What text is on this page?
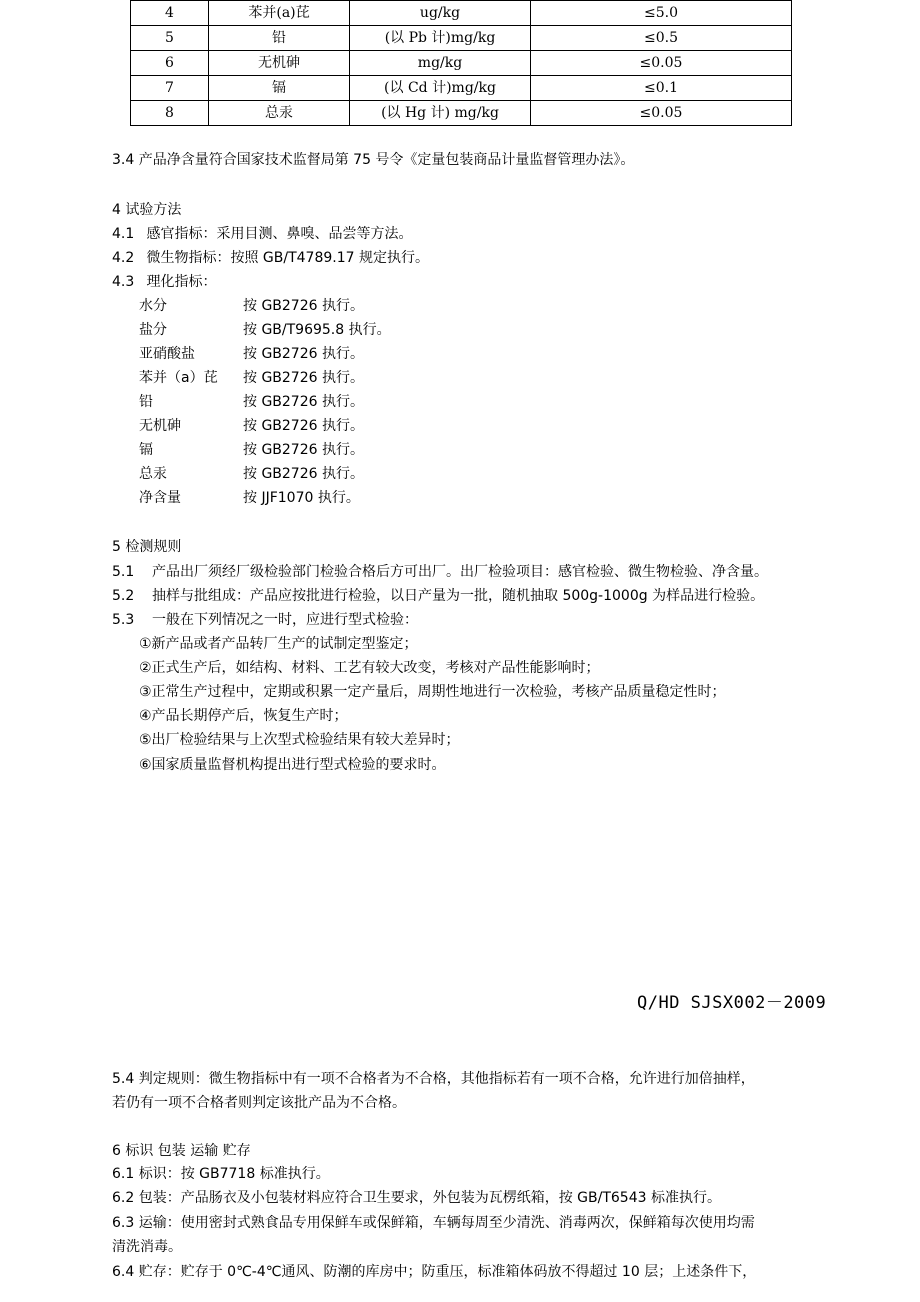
4	苯并(a)芘	ug/kg	≤5.0
5	铅	(以 Pb 计)mg/kg	≤0.5
6	无机砷	mg/kg	≤0.05
7	镉	(以 Cd 计)mg/kg	≤0.1
8	总汞	(以 Hg 计) mg/kg	≤0.05
3.4 产品净含量符合国家技术监督局第 75 号令《定量包装商品计量监督管理办法》。
4 试验方法
4.1 感官指标：采用目测、鼻嗅、品尝等方法。
4.2 微生物指标：按照 GB/T4789.17 规定执行。
4.3 理化指标：
水分	按 GB2726 执行。
盐分	按 GB/T9695.8 执行。
亚硝酸盐	按 GB2726 执行。
苯并（a）芘 按 GB2726 执行。
铅	按 GB2726 执行。
无机砷	按 GB2726 执行。
镉	按 GB2726 执行。
总汞	按 GB2726 执行。
净含量	按 JJF1070 执行。
5 检测规则
5.1 产品出厂须经厂级检验部门检验合格后方可出厂。出厂检验项目：感官检验、微生物检验、净含量。
5.2 抽样与批组成：产品应按批进行检验，以日产量为一批，随机抽取 500g-1000g 为样品进行检验。
5.3 一般在下列情况之一时，应进行型式检验：
①新产品或者产品转厂生产的试制定型鉴定；
②正式生产后，如结构、材料、工艺有较大改变，考核对产品性能影响时；
③正常生产过程中，定期或积累一定产量后，周期性地进行一次检验，考核产品质量稳定性时；
④产品长期停产后，恢复生产时；
⑤出厂检验结果与上次型式检验结果有较大差异时；
⑥国家质量监督机构提出进行型式检验的要求时。
Q/HD SJSX002－2009
5.4 判定规则：微生物指标中有一项不合格者为不合格，其他指标若有一项不合格，允许进行加倍抽样，
若仍有一项不合格者则判定该批产品为不合格。
6 标识 包装 运输 贮存
6.1 标识：按 GB7718 标准执行。
6.2 包装：产品肠衣及小包装材料应符合卫生要求，外包装为瓦楞纸箱，按 GB/T6543 标准执行。
6.3 运输：使用密封式熟食品专用保鲜车或保鲜箱，车辆每周至少清洗、消毒两次，保鲜箱每次使用均需
清洗消毒。
6.4 贮存：贮存于 0℃-4℃通风、防潮的库房中；防重压，标准箱体码放不得超过 10 层；上述条件下，
